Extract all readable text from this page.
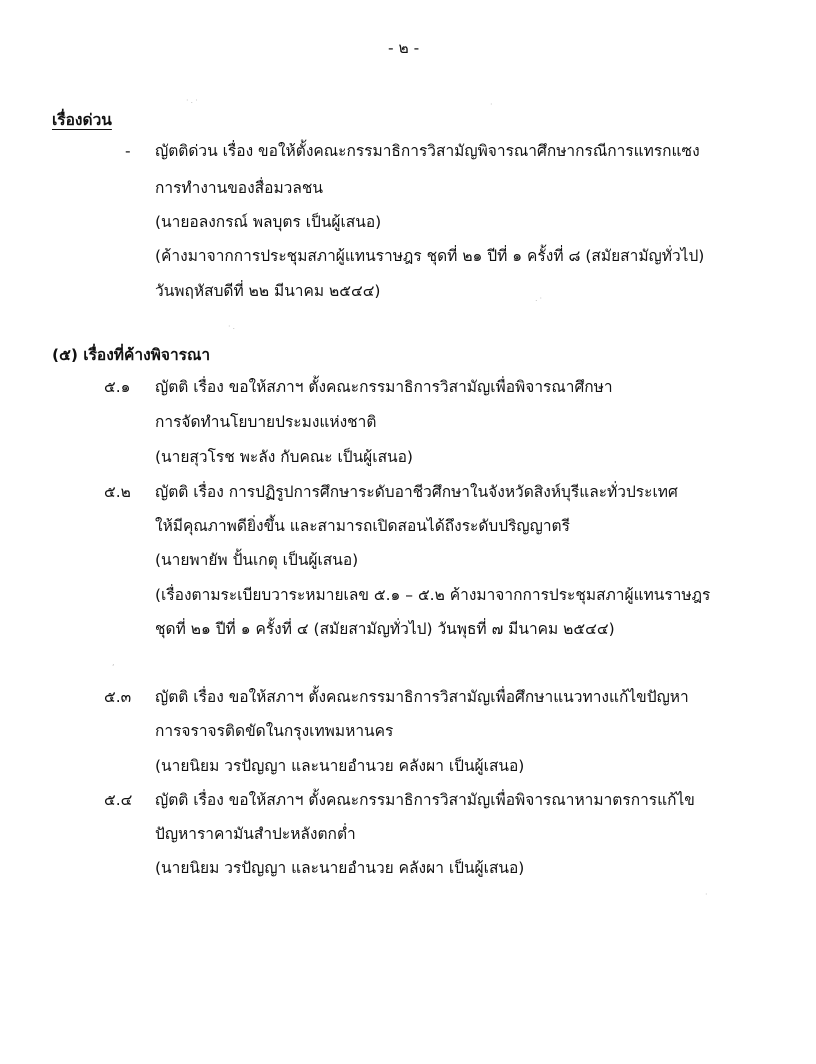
- ๒ -
เรื่องด่วน
- ญัตติด่วน เรื่อง ขอให้ตั้งคณะกรรมาธิการวิสามัญพิจารณาศึกษากรณีการแทรกแซง
การทำงานของสื่อมวลชน
(นายอลงกรณ์ พลบุตร เป็นผู้เสนอ)
(ค้างมาจากการประชุมสภาผู้แทนราษฎร ชุดที่ ๒๑ ปีที่ ๑ ครั้งที่ ๘ (สมัยสามัญทั่วไป)
วันพฤหัสบดีที่ ๒๒ มีนาคม ๒๕๔๔)
(๕) เรื่องที่ค้างพิจารณา
๕.๑ ญัตติ เรื่อง ขอให้สภาฯ ตั้งคณะกรรมาธิการวิสามัญเพื่อพิจารณาศึกษา
การจัดทำนโยบายประมงแห่งชาติ
(นายสุวโรช พะลัง กับคณะ เป็นผู้เสนอ)
๕.๒ ญัตติ เรื่อง การปฏิรูปการศึกษาระดับอาชีวศึกษาในจังหวัดสิงห์บุรีและทั่วประเทศ
ให้มีคุณภาพดียิ่งขึ้น และสามารถเปิดสอนได้ถึงระดับปริญญาตรี
(นายพายัพ ปั้นเกตุ เป็นผู้เสนอ)
(เรื่องตามระเบียบวาระหมายเลข ๕.๑ – ๕.๒ ค้างมาจากการประชุมสภาผู้แทนราษฎร
ชุดที่ ๒๑ ปีที่ ๑ ครั้งที่ ๔ (สมัยสามัญทั่วไป) วันพุธที่ ๗ มีนาคม ๒๕๔๔)
๕.๓ ญัตติ เรื่อง ขอให้สภาฯ ตั้งคณะกรรมาธิการวิสามัญเพื่อศึกษาแนวทางแก้ไขปัญหา
การจราจรติดขัดในกรุงเทพมหานคร
(นายนิยม วรปัญญา และนายอำนวย คลังผา เป็นผู้เสนอ)
๕.๔ ญัตติ เรื่อง ขอให้สภาฯ ตั้งคณะกรรมาธิการวิสามัญเพื่อพิจารณาหามาตรการแก้ไข
ปัญหาราคามันสำปะหลังตกต่ำ
(นายนิยม วรปัญญา และนายอำนวย คลังผา เป็นผู้เสนอ)
·.·	·
.·
·.
,
·
